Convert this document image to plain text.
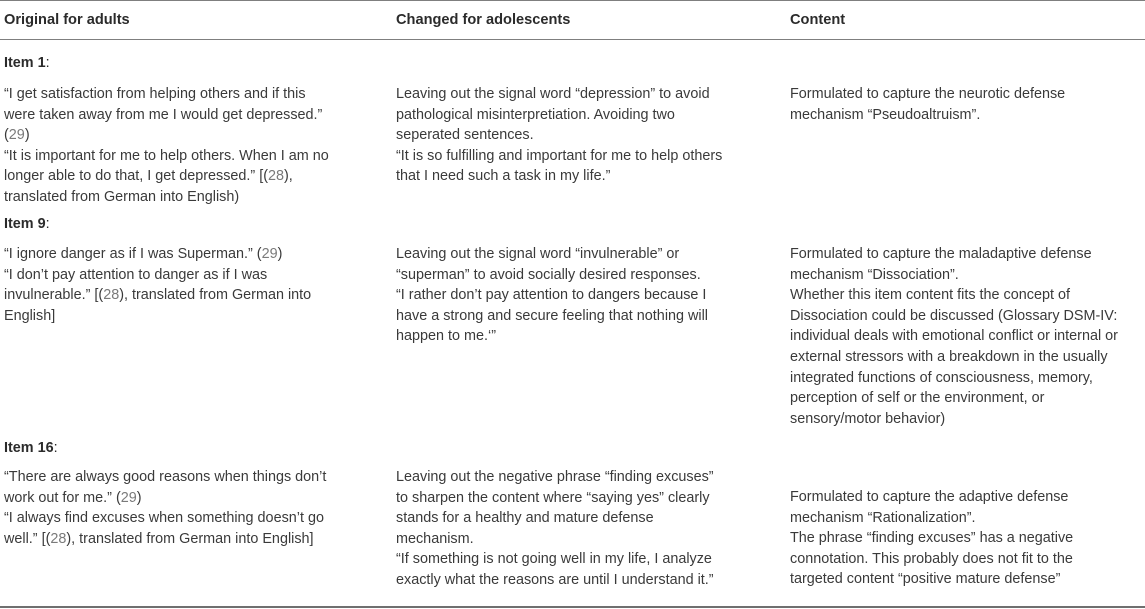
Original for adults	Changed for adolescents	Content
Item 1:
“I get satisfaction from helping others and if this
were taken away from me I would get depressed.”
(29)
“It is important for me to help others. When I am no
longer able to do that, I get depressed.” [(28),
translated from German into English)
Leaving out the signal word “depression” to avoid
pathological misinterpretiation. Avoiding two
seperated sentences.
“It is so fulfilling and important for me to help others
that I need such a task in my life.”
Formulated to capture the neurotic defense
mechanism “Pseudoaltruism”.
Item 9:
“I ignore danger as if I was Superman.” (29)
“I don’t pay attention to danger as if I was
invulnerable.” [(28), translated from German into
English]
Leaving out the signal word “invulnerable” or
“superman” to avoid socially desired responses.
“I rather don’t pay attention to dangers because I
have a strong and secure feeling that nothing will
happen to me.‘”
Formulated to capture the maladaptive defense
mechanism “Dissociation”.
Whether this item content fits the concept of
Dissociation could be discussed (Glossary DSM-IV:
individual deals with emotional conflict or internal or
external stressors with a breakdown in the usually
integrated functions of consciousness, memory,
perception of self or the environment, or
sensory/motor behavior)
Item 16:
“There are always good reasons when things don’t
work out for me.” (29)
“I always find excuses when something doesn’t go
well.” [(28), translated from German into English]
Leaving out the negative phrase “finding excuses”
to sharpen the content where “saying yes” clearly
stands for a healthy and mature defense
mechanism.
“If something is not going well in my life, I analyze
exactly what the reasons are until I understand it.”
Formulated to capture the adaptive defense
mechanism “Rationalization”.
The phrase “finding excuses” has a negative
connotation. This probably does not fit to the
targeted content “positive mature defense”
